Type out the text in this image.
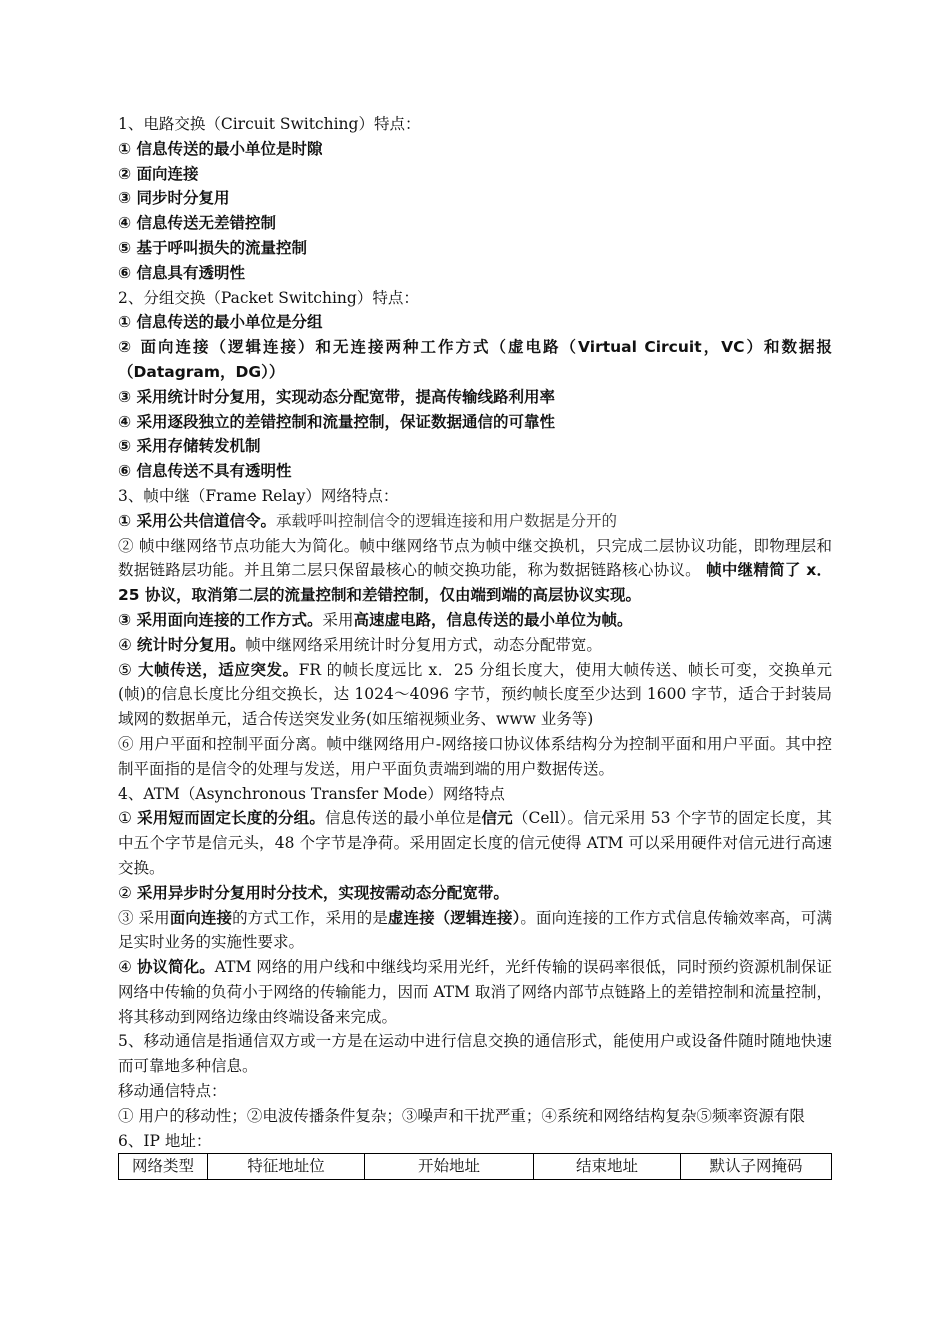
1、电路交换（Circuit Switching）特点：
① 信息传送的最小单位是时隙
② 面向连接
③ 同步时分复用
④ 信息传送无差错控制
⑤ 基于呼叫损失的流量控制
⑥ 信息具有透明性
2、分组交换（Packet Switching）特点：
① 信息传送的最小单位是分组
② 面向连接（逻辑连接）和无连接两种工作方式（虚电路（Virtual Circuit，VC）和数据报（Datagram，DG））
③ 采用统计时分复用，实现动态分配宽带，提高传输线路利用率
④ 采用逐段独立的差错控制和流量控制，保证数据通信的可靠性
⑤ 采用存储转发机制
⑥ 信息传送不具有透明性
3、帧中继（Frame Relay）网络特点：
① 采用公共信道信令。承载呼叫控制信令的逻辑连接和用户数据是分开的
② 帧中继网络节点功能大为简化。帧中继网络节点为帧中继交换机，只完成二层协议功能，即物理层和数据链路层功能。并且第二层只保留最核心的帧交换功能，称为数据链路核心协议。 帧中继精简了 x．25 协议，取消第二层的流量控制和差错控制，仅由端到端的高层协议实现。
③ 采用面向连接的工作方式。采用高速虚电路，信息传送的最小单位为帧。
④ 统计时分复用。帧中继网络采用统计时分复用方式，动态分配带宽。
⑤ 大帧传送，适应突发。FR 的帧长度远比 x．25 分组长度大，使用大帧传送、帧长可变，交换单元(帧)的信息长度比分组交换长，达 1024～4096 字节，预约帧长度至少达到 1600 字节，适合于封装局域网的数据单元，适合传送突发业务(如压缩视频业务、www 业务等)
⑥ 用户平面和控制平面分离。帧中继网络用户-网络接口协议体系结构分为控制平面和用户平面。其中控制平面指的是信令的处理与发送，用户平面负责端到端的用户数据传送。
4、ATM（Asynchronous Transfer Mode）网络特点
① 采用短而固定长度的分组。信息传送的最小单位是信元（Cell）。信元采用 53 个字节的固定长度，其中五个字节是信元头，48 个字节是净荷。采用固定长度的信元使得 ATM 可以采用硬件对信元进行高速交换。
② 采用异步时分复用时分技术，实现按需动态分配宽带。
③ 采用面向连接的方式工作，采用的是虚连接（逻辑连接）。面向连接的工作方式信息传输效率高，可满足实时业务的实施性要求。
④ 协议简化。ATM 网络的用户线和中继线均采用光纤，光纤传输的误码率很低，同时预约资源机制保证网络中传输的负荷小于网络的传输能力，因而 ATM 取消了网络内部节点链路上的差错控制和流量控制，将其移动到网络边缘由终端设备来完成。
5、移动通信是指通信双方或一方是在运动中进行信息交换的通信形式，能使用户或设备件随时随地快速而可靠地多种信息。
移动通信特点：
① 用户的移动性；②电波传播条件复杂；③噪声和干扰严重；④系统和网络结构复杂⑤频率资源有限
6、IP 地址：
网络类型	特征地址位	开始地址	结束地址	默认子网掩码
